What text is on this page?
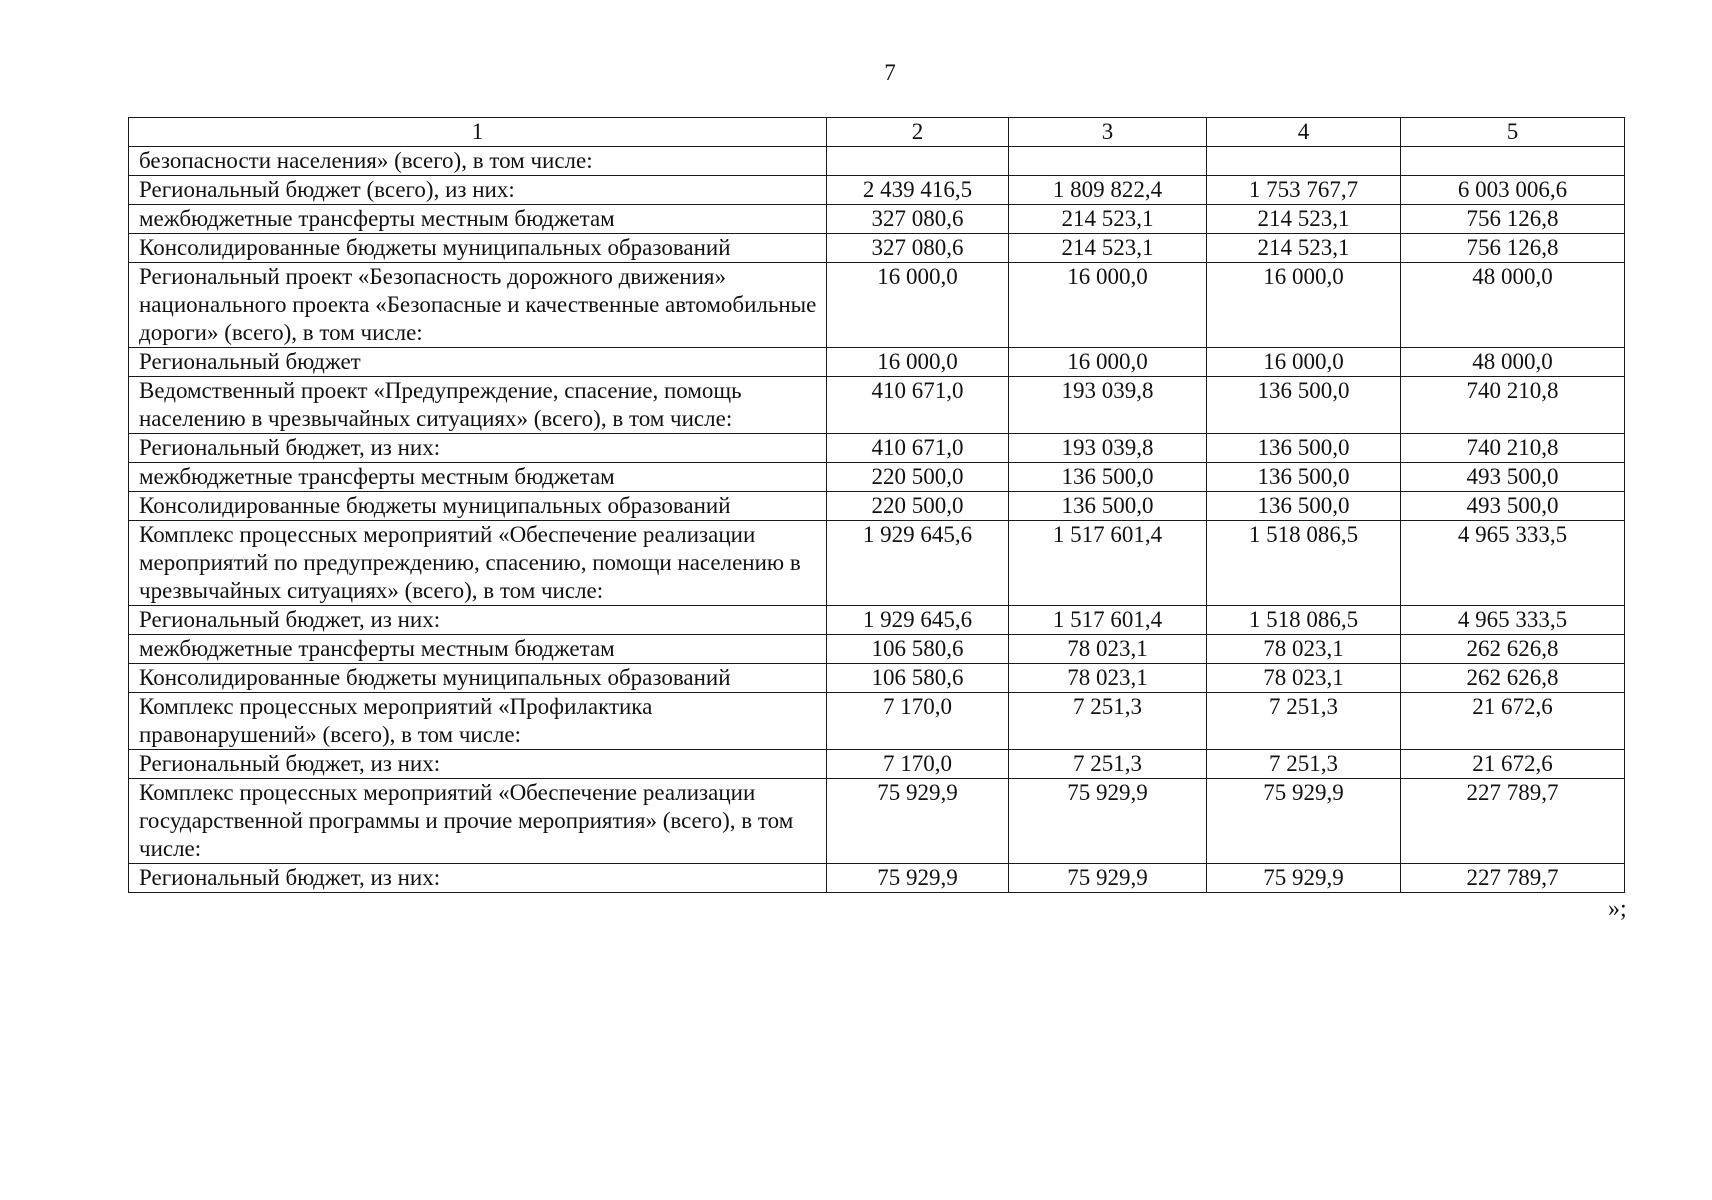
7
1	2	3	4	5
безопасности населения» (всего), в том числе:				
Региональный бюджет (всего), из них:	2 439 416,5	1 809 822,4	1 753 767,7	6 003 006,6
межбюджетные трансферты местным бюджетам	327 080,6	214 523,1	214 523,1	756 126,8
Консолидированные бюджеты муниципальных образований	327 080,6	214 523,1	214 523,1	756 126,8
Региональный проект «Безопасность дорожного движения» национального проекта «Безопасные и качественные автомобильные дороги» (всего), в том числе:	16 000,0	16 000,0	16 000,0	48 000,0
Региональный бюджет	16 000,0	16 000,0	16 000,0	48 000,0
Ведомственный проект «Предупреждение, спасение, помощь населению в чрезвычайных ситуациях» (всего), в том числе:	410 671,0	193 039,8	136 500,0	740 210,8
Региональный бюджет, из них:	410 671,0	193 039,8	136 500,0	740 210,8
межбюджетные трансферты местным бюджетам	220 500,0	136 500,0	136 500,0	493 500,0
Консолидированные бюджеты муниципальных образований	220 500,0	136 500,0	136 500,0	493 500,0
Комплекс процессных мероприятий «Обеспечение реализации мероприятий по предупреждению, спасению, помощи населению в чрезвычайных ситуациях» (всего), в том числе:	1 929 645,6	1 517 601,4	1 518 086,5	4 965 333,5
Региональный бюджет, из них:	1 929 645,6	1 517 601,4	1 518 086,5	4 965 333,5
межбюджетные трансферты местным бюджетам	106 580,6	78 023,1	78 023,1	262 626,8
Консолидированные бюджеты муниципальных образований	106 580,6	78 023,1	78 023,1	262 626,8
Комплекс процессных мероприятий «Профилактика правонарушений» (всего), в том числе:	7 170,0	7 251,3	7 251,3	21 672,6
Региональный бюджет, из них:	7 170,0	7 251,3	7 251,3	21 672,6
Комплекс процессных мероприятий «Обеспечение реализации государственной программы и прочие мероприятия» (всего), в том числе:	75 929,9	75 929,9	75 929,9	227 789,7
Региональный бюджет, из них:	75 929,9	75 929,9	75 929,9	227 789,7
»;
